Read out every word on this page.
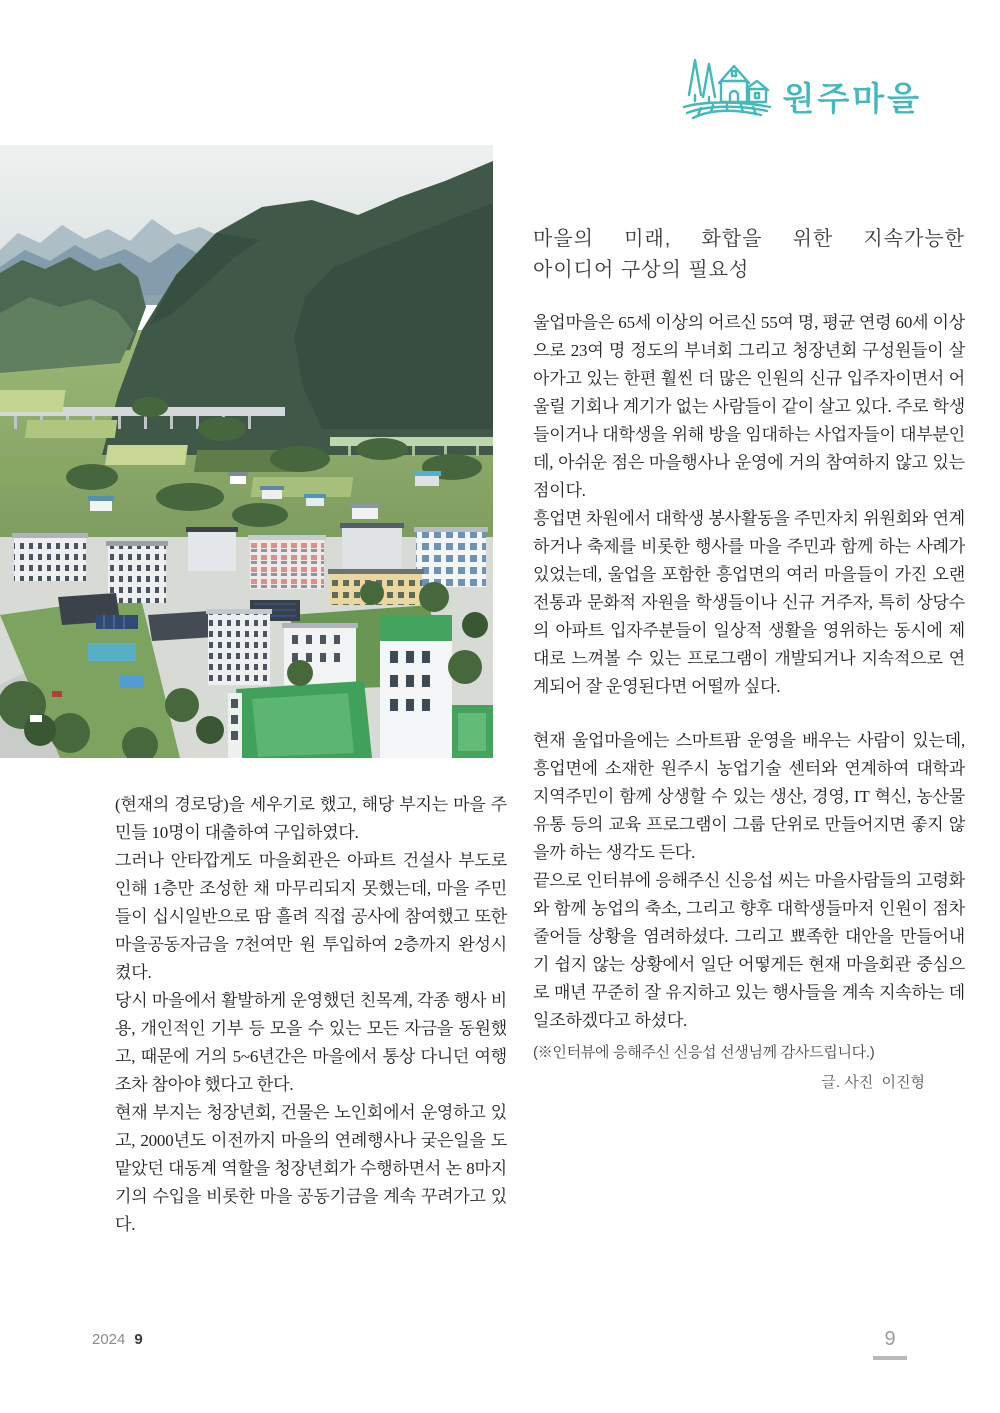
원주마을
마을의 미래, 화합을 위한 지속가능한
아이디어 구상의 필요성

울업마을은 65세 이상의 어르신 55여 명, 평균 연령 60세 이상으로 23여 명 정도의 부녀회 그리고 청장년회 구성원들이 살아가고 있는 한편 훨씬 더 많은 인원의 신규 입주자이면서 어울릴 기회나 계기가 없는 사람들이 같이 살고 있다. 주로 학생들이거나 대학생을 위해 방을 임대하는 사업자들이 대부분인데, 아쉬운 점은 마을행사나 운영에 거의 참여하지 않고 있는 점이다.

흥업면 차원에서 대학생 봉사활동을 주민자치 위원회와 연계하거나 축제를 비롯한 행사를 마을 주민과 함께 하는 사례가 있었는데, 울업을 포함한 흥업면의 여러 마을들이 가진 오랜 전통과 문화적 자원을 학생들이나 신규 거주자, 특히 상당수의 아파트 입자주분들이 일상적 생활을 영위하는 동시에 제대로 느껴볼 수 있는 프로그램이 개발되거나 지속적으로 연계되어 잘 운영된다면 어떨까 싶다.

현재 울업마을에는 스마트팜 운영을 배우는 사람이 있는데, 흥업면에 소재한 원주시 농업기술 센터와 연계하여 대학과 지역주민이 함께 상생할 수 있는 생산, 경영, IT 혁신, 농산물 유통 등의 교육 프로그램이 그룹 단위로 만들어지면 좋지 않을까 하는 생각도 든다.

끝으로 인터뷰에 응해주신 신응섭 씨는 마을사람들의 고령화와 함께 농업의 축소, 그리고 향후 대학생들마저 인원이 점차 줄어들 상황을 염려하셨다. 그리고 뾰족한 대안을 만들어내기 쉽지 않는 상황에서 일단 어떻게든 현재 마을회관 중심으로 매년 꾸준히 잘 유지하고 있는 행사들을 계속 지속하는 데 일조하겠다고 하셨다.

(※인터뷰에 응해주신 신응섭 선생님께 감사드립니다.)
글. 사진  이진형

(현재의 경로당)을 세우기로 했고, 해당 부지는 마을 주민들 10명이 대출하여 구입하였다.

그러나 안타깝게도 마을회관은 아파트 건설사 부도로 인해 1층만 조성한 채 마무리되지 못했는데, 마을 주민들이 십시일반으로 땀 흘려 직접 공사에 참여했고 또한 마을공동자금을 7천여만 원 투입하여 2층까지 완성시켰다.

당시 마을에서 활발하게 운영했던 친목계, 각종 행사 비용, 개인적인 기부 등 모을 수 있는 모든 자금을 동원했고, 때문에 거의 5~6년간은 마을에서 통상 다니던 여행조차 참아야 했다고 한다.

현재 부지는 청장년회, 건물은 노인회에서 운영하고 있고, 2000년도 이전까지 마을의 연례행사나 궂은일을 도맡았던 대동계 역할을 청장년회가 수행하면서 논 8마지기의 수입을 비롯한 마을 공동기금을 계속 꾸려가고 있다.

2024 9	9
